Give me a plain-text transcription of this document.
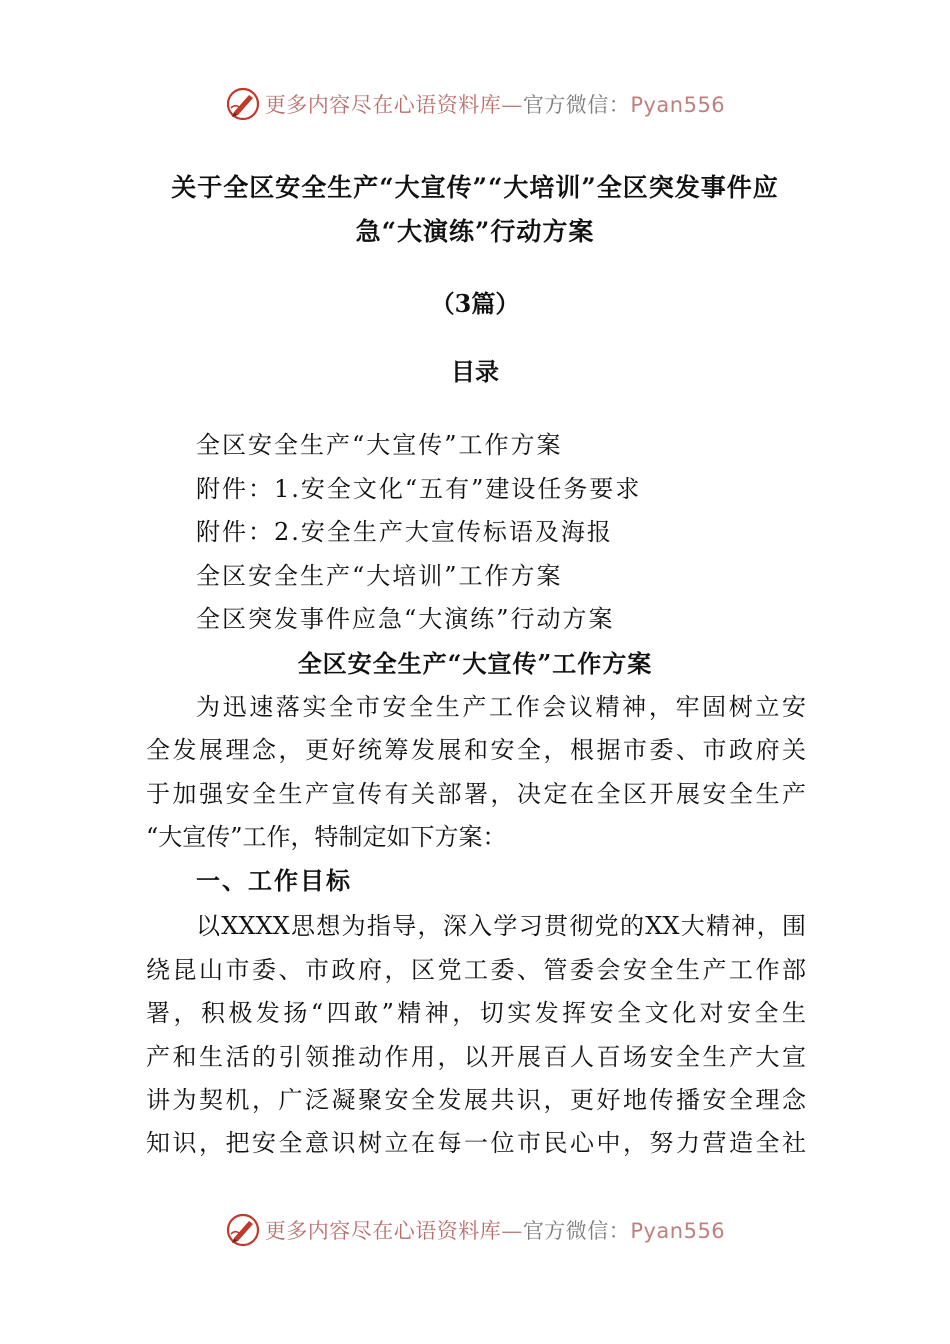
更多内容尽在心语资料库—官方微信：Pyan556
关于全区安全生产“大宣传”“大培训”全区突发事件应
急“大演练”行动方案
（3篇）
目录
全区安全生产“大宣传”工作方案
附件：1.安全文化“五有”建设任务要求
附件：2.安全生产大宣传标语及海报
全区安全生产“大培训”工作方案
全区突发事件应急“大演练”行动方案
全区安全生产“大宣传”工作方案
为迅速落实全市安全生产工作会议精神，牢固树立安
全发展理念，更好统筹发展和安全，根据市委、市政府关
于加强安全生产宣传有关部署，决定在全区开展安全生产
“大宣传”工作，特制定如下方案：
一、工作目标
以XXXX思想为指导，深入学习贯彻党的XX大精神，围
绕昆山市委、市政府，区党工委、管委会安全生产工作部
署，积极发扬“四敢”精神，切实发挥安全文化对安全生
产和生活的引领推动作用，以开展百人百场安全生产大宣
讲为契机，广泛凝聚安全发展共识，更好地传播安全理念
知识，把安全意识树立在每一位市民心中，努力营造全社
更多内容尽在心语资料库—官方微信：Pyan556
